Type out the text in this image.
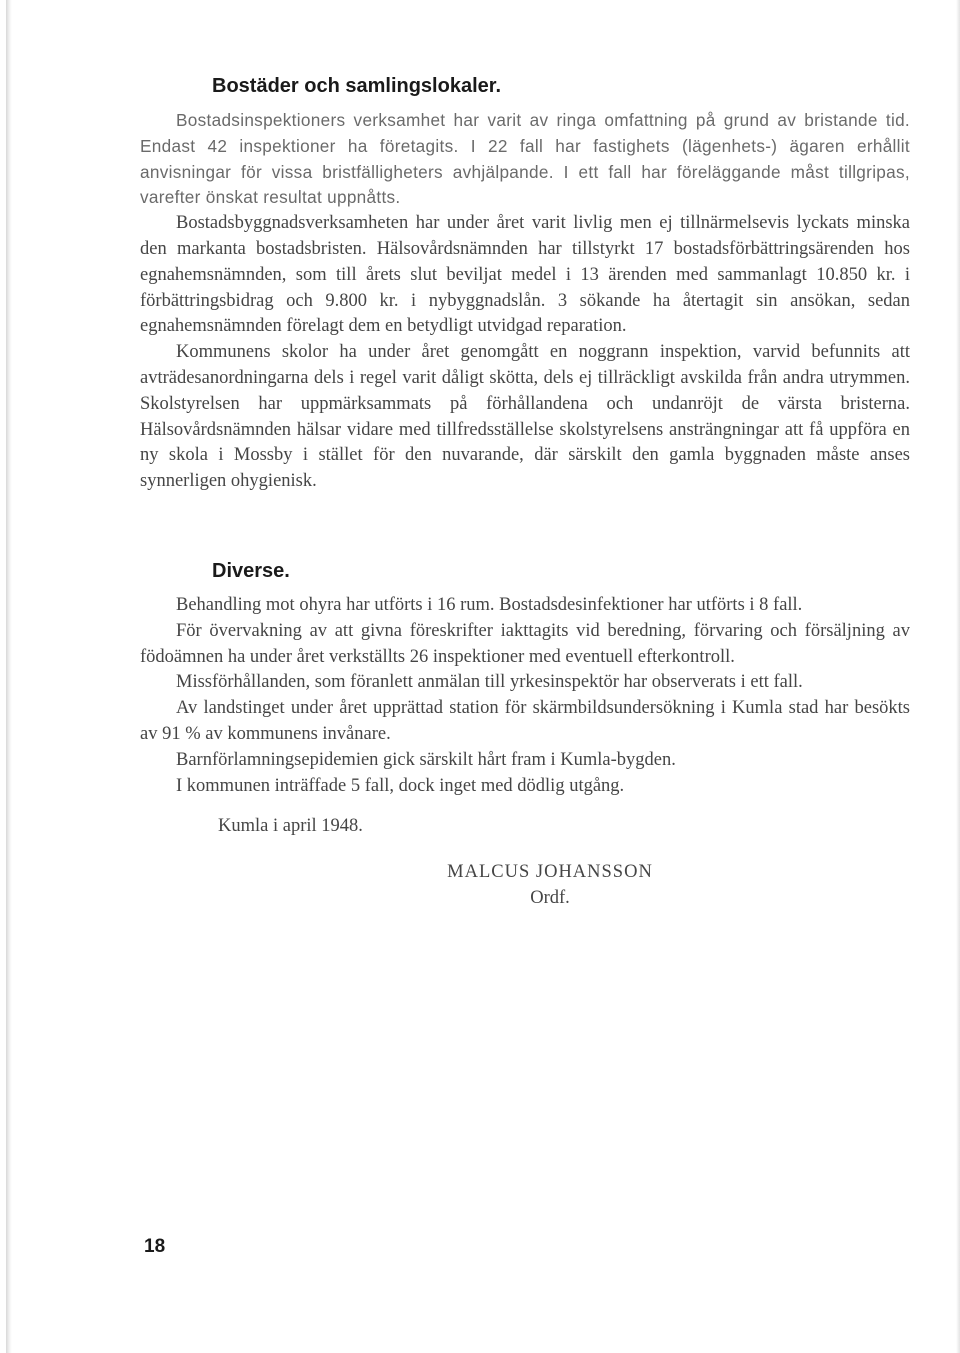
Bostäder och samlingslokaler.

Bostadsinspektioners verksamhet har varit av ringa omfattning på grund av bristande tid. Endast 42 inspektioner ha företagits. I 22 fall har fastighets (lägenhets-) ägaren erhållit anvisningar för vissa bristfälligheters avhjälpande. I ett fall har föreläggande måst tillgripas, varefter önskat resultat uppnåtts.

Bostadsbyggnadsverksamheten har under året varit livlig men ej tillnärmelsevis lyckats minska den markanta bostadsbristen. Hälsovårdsnämnden har tillstyrkt 17 bostadsförbättringsärenden hos egnahemsnämnden, som till årets slut beviljat medel i 13 ärenden med sammanlagt 10.850 kr. i förbättringsbidrag och 9.800 kr. i nybyggnadslån. 3 sökande ha återtagit sin ansökan, sedan egnahemsnämnden förelagt dem en betydligt utvidgad reparation.

Kommunens skolor ha under året genomgått en noggrann inspektion, varvid befunnits att avträdesanordningarna dels i regel varit dåligt skötta, dels ej tillräckligt avskilda från andra utrymmen. Skolstyrelsen har uppmärksammats på förhållandena och undanröjt de värsta bristerna. Hälsovårdsnämnden hälsar vidare med tillfredsställelse skolstyrelsens ansträngningar att få uppföra en ny skola i Mossby i stället för den nuvarande, där särskilt den gamla byggnaden måste anses synnerligen ohygienisk.

Diverse.

Behandling mot ohyra har utförts i 16 rum. Bostadsdesinfektioner har utförts i 8 fall.

För övervakning av att givna föreskrifter iakttagits vid beredning, förvaring och försäljning av födoämnen ha under året verkställts 26 inspektioner med eventuell efterkontroll.

Missförhållanden, som föranlett anmälan till yrkesinspektör har observerats i ett fall.

Av landstinget under året upprättad station för skärmbildsundersökning i Kumla stad har besökts av 91 % av kommunens invånare.

Barnförlamningsepidemien gick särskilt hårt fram i Kumla-bygden.

I kommunen inträffade 5 fall, dock inget med dödlig utgång.

Kumla i april 1948.
MALCUS JOHANSSON
Ordf.
18
